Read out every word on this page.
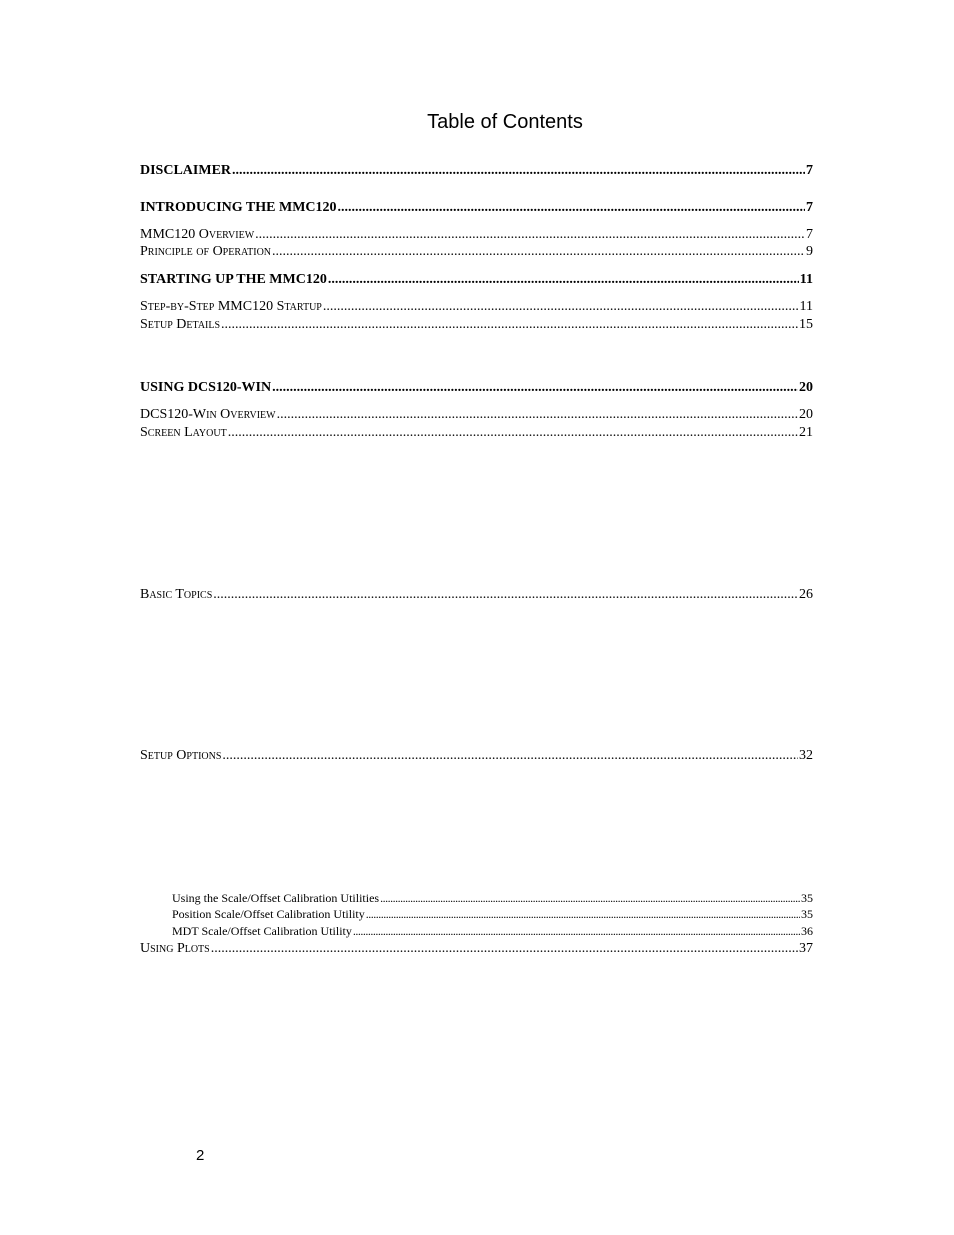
Table of Contents
DISCLAIMER .....	7
INTRODUCING THE MMC120 .....	7
MMC120 Overview .....	7
Principle of Operation .....	9
STARTING UP THE MMC120 .....	11
Step-by-Step MMC120 Startup .....	11
Setup Details .....	15
USING DCS120-WIN .....	20
DCS120-Win Overview .....	20
Screen Layout .....	21
Basic Topics .....	26
Setup Options .....	32
Using the Scale/Offset Calibration Utilities .....	35
Position Scale/Offset Calibration Utility .....	35
MDT Scale/Offset Calibration Utility .....	36
Using Plots .....	37
2
